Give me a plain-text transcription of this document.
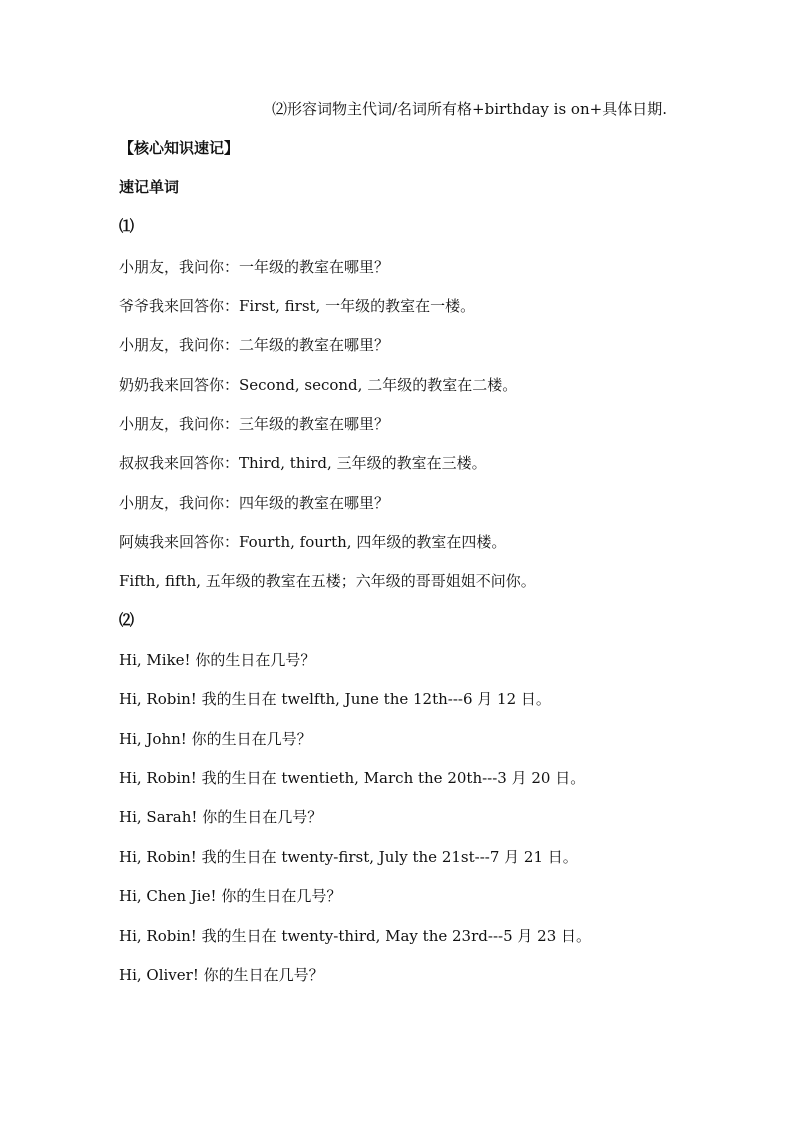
⑵形容词物主代词/名词所有格+birthday is on+具体日期.
【核心知识速记】
速记单词
⑴
小朋友，我问你：一年级的教室在哪里？
爷爷我来回答你：First, first, 一年级的教室在一楼。
小朋友，我问你：二年级的教室在哪里？
奶奶我来回答你：Second, second, 二年级的教室在二楼。
小朋友，我问你：三年级的教室在哪里？
叔叔我来回答你：Third, third, 三年级的教室在三楼。
小朋友，我问你：四年级的教室在哪里？
阿姨我来回答你：Fourth, fourth, 四年级的教室在四楼。
Fifth, fifth, 五年级的教室在五楼；六年级的哥哥姐姐不问你。
⑵
Hi, Mike! 你的生日在几号？
Hi, Robin! 我的生日在 twelfth, June the 12th---6 月 12 日。
Hi, John! 你的生日在几号？
Hi, Robin! 我的生日在 twentieth, March the 20th---3 月 20 日。
Hi, Sarah! 你的生日在几号？
Hi, Robin! 我的生日在 twenty-first, July the 21st---7 月 21 日。
Hi, Chen Jie! 你的生日在几号？
Hi, Robin! 我的生日在 twenty-third, May the 23rd---5 月 23 日。
Hi, Oliver! 你的生日在几号？
